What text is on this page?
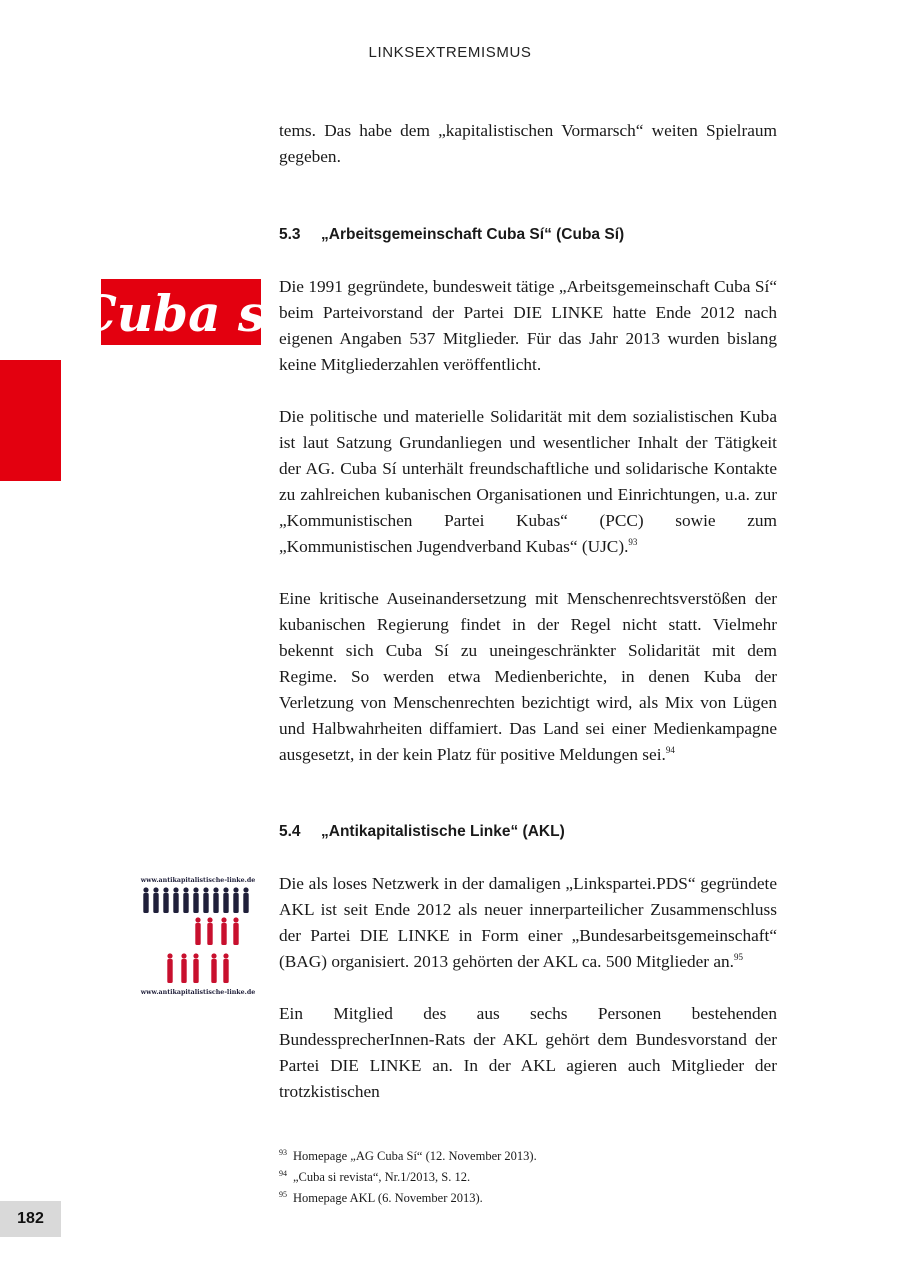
LINKSEXTREMISMUS

tems. Das habe dem „kapitalistischen Vormarsch“ weiten Spielraum gegeben.

5.3 „Arbeitsgemeinschaft Cuba Sí“ (Cuba Sí)
Cuba sí

Die 1991 gegründete, bundesweit tätige „Arbeitsgemeinschaft Cuba Sí“ beim Parteivorstand der Partei DIE LINKE hatte Ende 2012 nach eigenen Angaben 537 Mitglieder. Für das Jahr 2013 wurden bislang keine Mitgliederzahlen veröffentlicht.

Die politische und materielle Solidarität mit dem sozialistischen Kuba ist laut Satzung Grundanliegen und wesentlicher Inhalt der Tätigkeit der AG. Cuba Sí unterhält freundschaftliche und solidarische Kontakte zu zahlreichen kubanischen Organisationen und Einrichtungen, u.a. zur „Kommunistischen Partei Kubas“ (PCC) sowie zum „Kommunistischen Jugendverband Kubas“ (UJC).$^{93}$

Eine kritische Auseinandersetzung mit Menschenrechtsverstößen der kubanischen Regierung findet in der Regel nicht statt. Vielmehr bekennt sich Cuba Sí zu uneingeschränkter Solidarität mit dem Regime. So werden etwa Medienberichte, in denen Kuba der Verletzung von Menschenrechten bezichtigt wird, als Mix von Lügen und Halbwahrheiten diffamiert. Das Land sei einer Medienkampagne ausgesetzt, in der kein Platz für positive Meldungen sei.$^{94}$

5.4 „Antikapitalistische Linke“ (AKL)
www.antikapitalistische-linke.de
www.antikapitalistische-linke.de

Die als loses Netzwerk in der damaligen „Linkspartei.PDS“ gegründete AKL ist seit Ende 2012 als neuer innerparteilicher Zusammenschluss der Partei DIE LINKE in Form einer „Bundesarbeitsgemeinschaft“ (BAG) organisiert. 2013 gehörten der AKL ca. 500 Mitglieder an.$^{95}$

Ein Mitglied des aus sechs Personen bestehenden BundessprecherInnen-Rats der AKL gehört dem Bundesvorstand der Partei DIE LINKE an. In der AKL agieren auch Mitglieder der trotzkistischen

$^{93}$ Homepage „AG Cuba Sí“ (12. November 2013).
$^{94}$ „Cuba si revista“, Nr.1/2013, S. 12.
$^{95}$ Homepage AKL (6. November 2013).
182
